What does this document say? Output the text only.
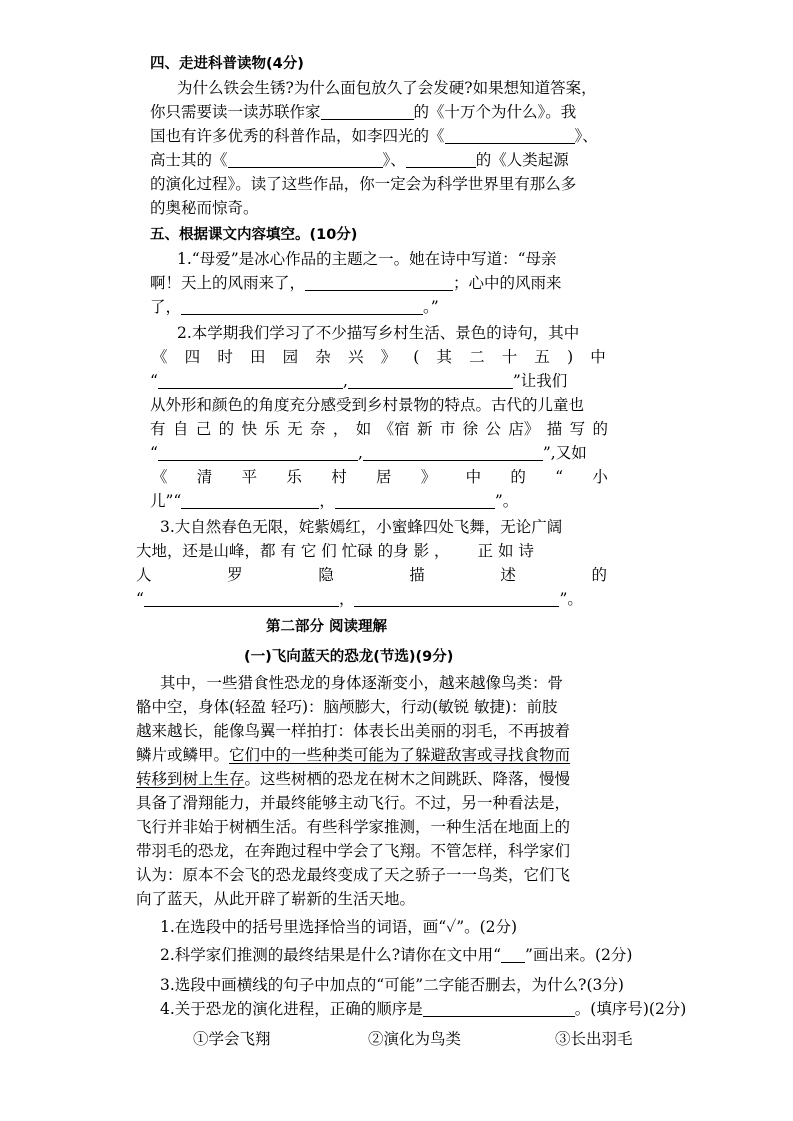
四、走进科普读物(4分)
为什么铁会生锈?为什么面包放久了会发硬?如果想知道答案，
你只需要读一读苏联作家	的《十万个为什么》。我
国也有许多优秀的科普作品，如李四光的《	》、
高士其的《	》、	的《人类起源
的演化过程》。读了这些作品，你一定会为科学世界里有那么多
的奥秘而惊奇。
五、根据课文内容填空。(10分)
1.“母爱”是冰心作品的主题之一。她在诗中写道：“母亲
啊！天上的风雨来了，	；心中的风雨来
了，	。”
2.本学期我们学习了不少描写乡村生活、景色的诗句，其中
《 四 时 田 园 杂 兴 》 ( 其 二 十 五 ) 中
“	,	”让我们
从外形和颜色的角度充分感受到乡村景物的特点。古代的儿童也
有 自 己 的 快 乐 无 奈 ， 如 《宿 新 市 徐 公 店》 描 写 的
“	,	”,又如
《 清 平 乐 村 居 》 中 的 “ 小
儿”“	，	”。
3.大自然春色无限，姹紫嫣红，小蜜蜂四处飞舞，无论广阔
大地，还是山峰，都 有 它 们 忙碌 的身 影 ， 正 如 诗
人	罗	隐	描	述	的
“	，	”。
第二部分 阅读理解
(一)飞向蓝天的恐龙(节选)(9分)
其中，一些猎食性恐龙的身体逐渐变小，越来越像鸟类：骨
骼中空，身体(轻盈 轻巧)：脑颅膨大，行动(敏锐 敏捷)：前肢
越来越长，能像鸟翼一样拍打：体表长出美丽的羽毛，不再披着
鳞片或鳞甲。它们中的一些种类可能为了躲避敌害或寻找食物而
转移到树上生存。这些树栖的恐龙在树木之间跳跃、降落，慢慢
具备了滑翔能力，并最终能够主动飞行。不过，另一种看法是，
飞行并非始于树栖生活。有些科学家推测，一种生活在地面上的
带羽毛的恐龙，在奔跑过程中学会了飞翔。不管怎样，科学家们
认为：原本不会飞的恐龙最终变成了天之骄子一一鸟类，它们飞
向了蓝天，从此开辟了崭新的生活天地。
1.在选段中的括号里选择恰当的词语，画“✓”。(2分)
2.科学家们推测的最终结果是什么?请你在文中用“ ”画出来。(2分)
3.选段中画横线的句子中加点的“可能”二字能否删去，为什么?(3分)
4.关于恐龙的演化进程，正确的顺序是	。(填序号)(2分)
①学会飞翔	②演化为鸟类	③长出羽毛
